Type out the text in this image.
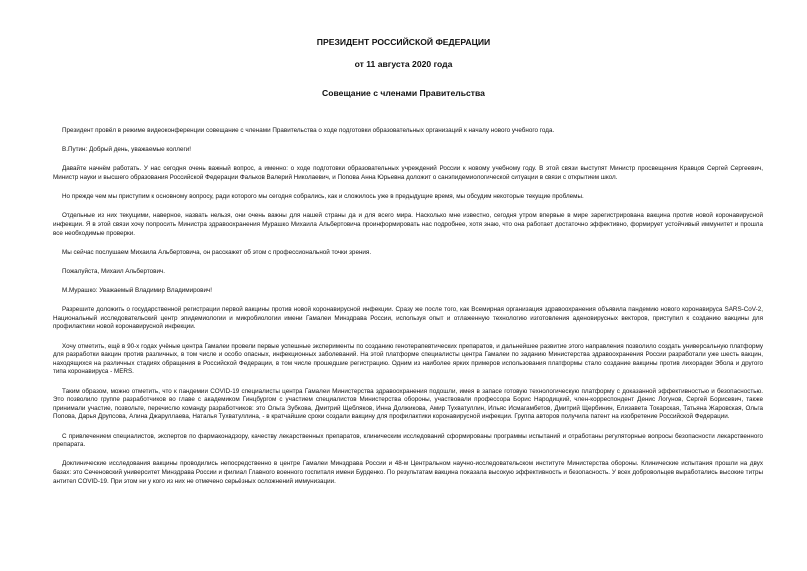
ПРЕЗИДЕНТ РОССИЙСКОЙ ФЕДЕРАЦИИ

от 11 августа 2020 года

Совещание с членами Правительства

Президент провёл в режиме видеоконференции совещание с членами Правительства о ходе подготовки образовательных организаций к началу нового учебного года.

В.Путин: Добрый день, уважаемые коллеги!

Давайте начнём работать. У нас сегодня очень важный вопрос, а именно: о ходе подготовки образовательных учреждений России к новому учебному году. В этой связи выступят Министр просвещения Кравцов Сергей Сергеевич, Министр науки и высшего образования Российской Федерации Фальков Валерий Николаевич, и Попова Анна Юрьевна доложит о санэпидемиологической ситуации в связи с открытием школ.

Но прежде чем мы приступим к основному вопросу, ради которого мы сегодня собрались, как и сложилось уже в предыдущие время, мы обсудим некоторые текущие проблемы.

Отдельные из них текущими, наверное, назвать нельзя, они очень важны для нашей страны да и для всего мира. Насколько мне известно, сегодня утром впервые в мире зарегистрирована вакцина против новой коронавирусной инфекции. Я в этой связи хочу попросить Министра здравоохранения Мурашко Михаила Альбертовича проинформировать нас подробнее, хотя знаю, что она работает достаточно эффективно, формирует устойчивый иммунитет и прошла все необходимые проверки.

Мы сейчас послушаем Михаила Альбертовича, он расскажет об этом с профессиональной точки зрения.

Пожалуйста, Михаил Альбертович.

М.Мурашко: Уважаемый Владимир Владимирович!

Разрешите доложить о государственной регистрации первой вакцины против новой коронавирусной инфекции. Сразу же после того, как Всемирная организация здравоохранения объявила пандемию нового коронавируса SARS-CoV-2, Национальный исследовательский центр эпидемиологии и микробиологии имени Гамалеи Минздрава России, используя опыт и отлаженную технологию изготовления аденовирусных векторов, приступил к созданию вакцины для профилактики новой коронавирусной инфекции.

Хочу отметить, ещё в 90-х годах учёные центра Гамалеи провели первые успешные эксперименты по созданию генотерапевтических препаратов, и дальнейшее развитие этого направления позволило создать универсальную платформу для разработки вакцин против различных, в том числе и особо опасных, инфекционных заболеваний. На этой платформе специалисты центра Гамалеи по заданию Министерства здравоохранения России разработали уже шесть вакцин, находящихся на различных стадиях обращения в Российской Федерации, в том числе прошедшие регистрацию. Одним из наиболее ярких примеров использования платформы стало создание вакцины против лихорадки Эбола и другого типа коронавируса - MERS.

Таким образом, можно отметить, что к пандемии COVID-19 специалисты центра Гамалеи Министерства здравоохранения подошли, имея в запасе готовую технологическую платформу с доказанной эффективностью и безопасностью. Это позволило группе разработчиков во главе с академиком Гинцбургом с участием специалистов Министерства обороны, участвовали профессора Борис Народицкий, член-корреспондент Денис Логунов, Сергей Борисевич, также принимали участие, позвольте, перечислю команду разработчиков: это Ольга Зубкова, Дмитрий Щебляков, Инна Должикова, Амир Тухватуллин, Ильяс Исмагамбетов, Дмитрий Щербинин, Елизавета Токарская, Татьяна Жаровская, Ольга Попова, Дарья Друпсова, Алина Джаруллаева, Наталья Тухватуллина, - в кратчайшие сроки создали вакцину для профилактики коронавирусной инфекции. Группа авторов получила патент на изобретение Российской Федерации.

С привлечением специалистов, экспертов по фармаконадзору, качеству лекарственных препаратов, клиническим исследований сформированы программы испытаний и отработаны регуляторные вопросы безопасности лекарственного препарата.

Доклинические исследования вакцины проводились непосредственно в центре Гамалеи Минздрава России и 48-м Центральном научно-исследовательском институте Министерства обороны. Клинические испытания прошли на двух базах: это Сеченовский университет Минздрава России и филиал Главного военного госпиталя имени Бурденко. По результатам вакцина показала высокую эффективность и безопасность. У всех добровольцев выработались высокие титры антител COVID-19. При этом ни у кого из них не отмечено серьёзных осложнений иммунизации.
